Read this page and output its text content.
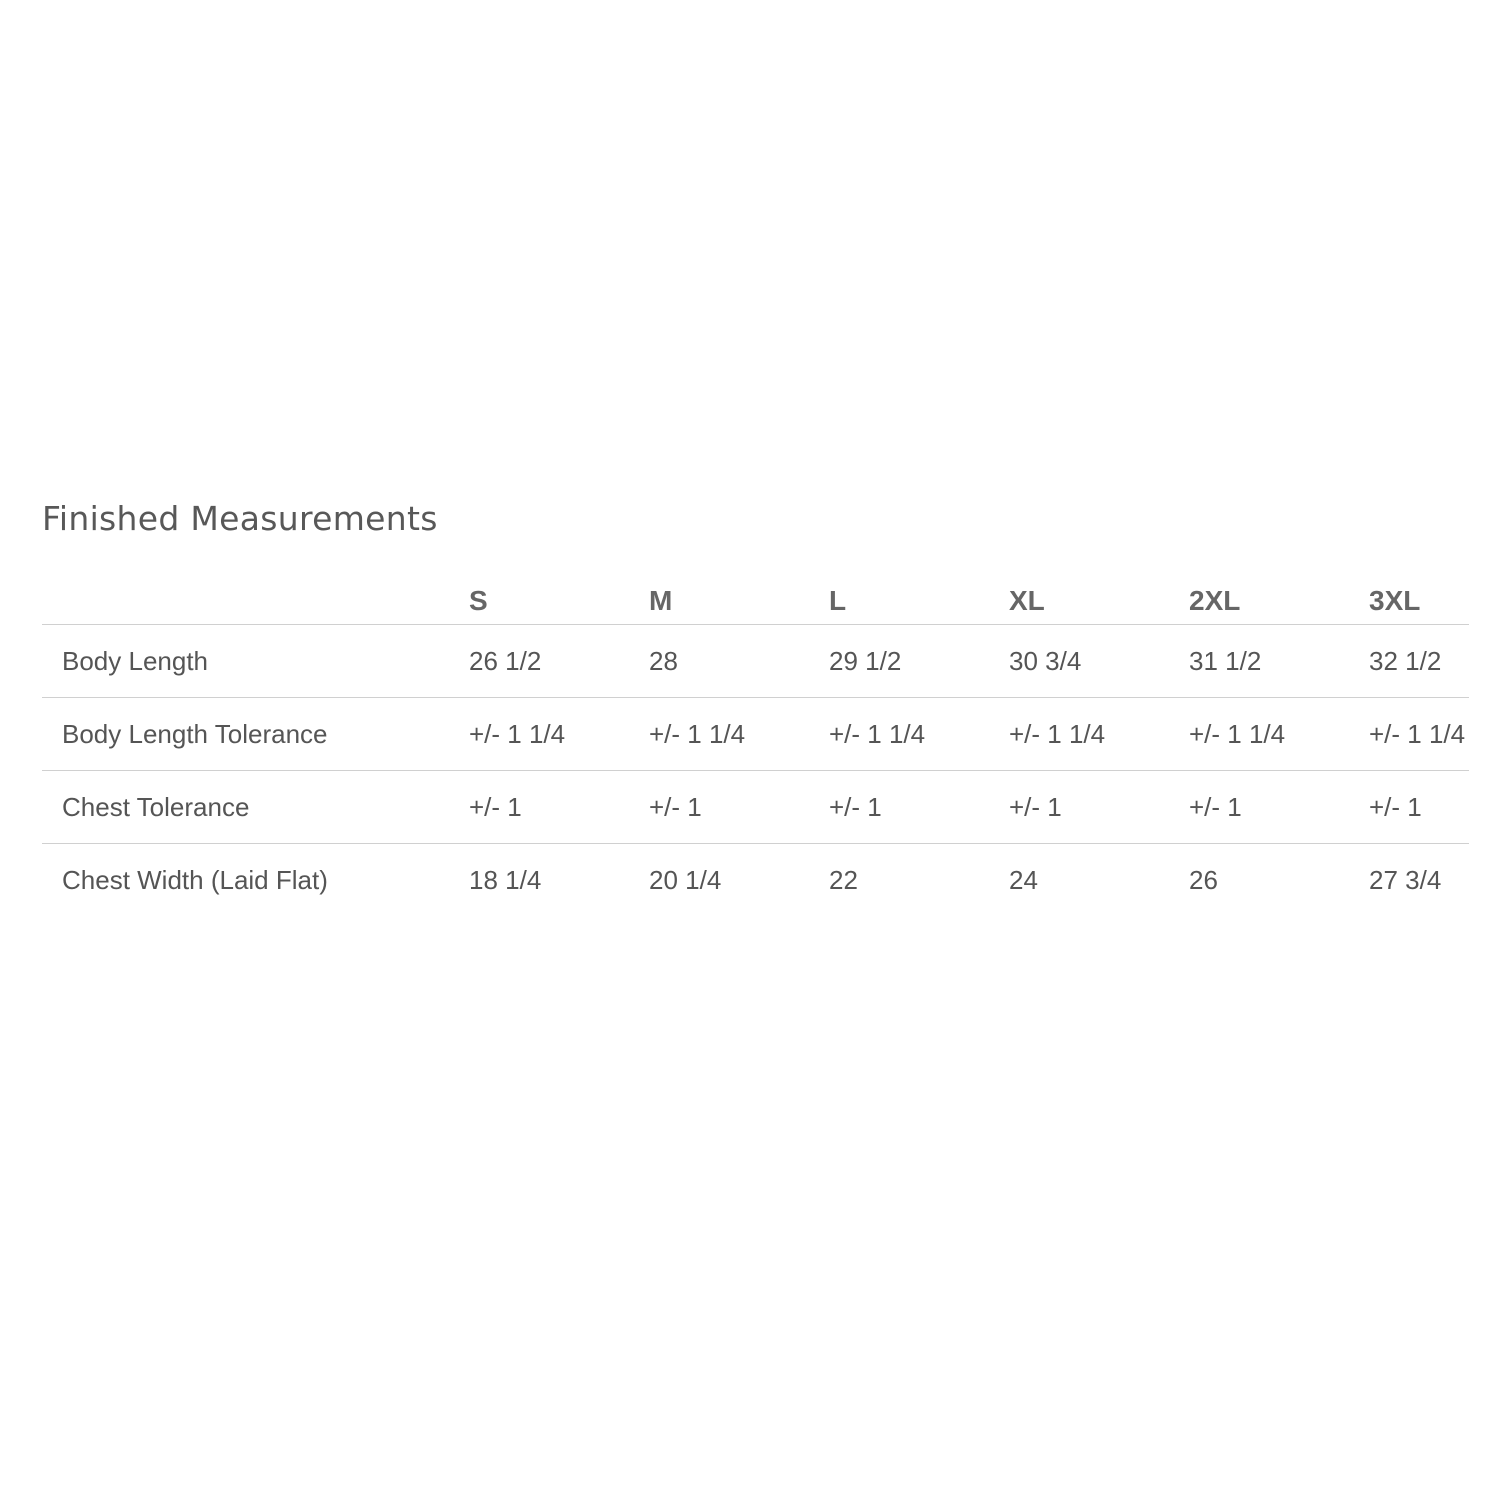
Finished Measurements
	S	M	L	XL	2XL	3XL
Body Length	26 1/2	28	29 1/2	30 3/4	31 1/2	32 1/2
Body Length Tolerance	+/- 1 1/4	+/- 1 1/4	+/- 1 1/4	+/- 1 1/4	+/- 1 1/4	+/- 1 1/4
Chest Tolerance	+/- 1	+/- 1	+/- 1	+/- 1	+/- 1	+/- 1
Chest Width (Laid Flat)	18 1/4	20 1/4	22	24	26	27 3/4
